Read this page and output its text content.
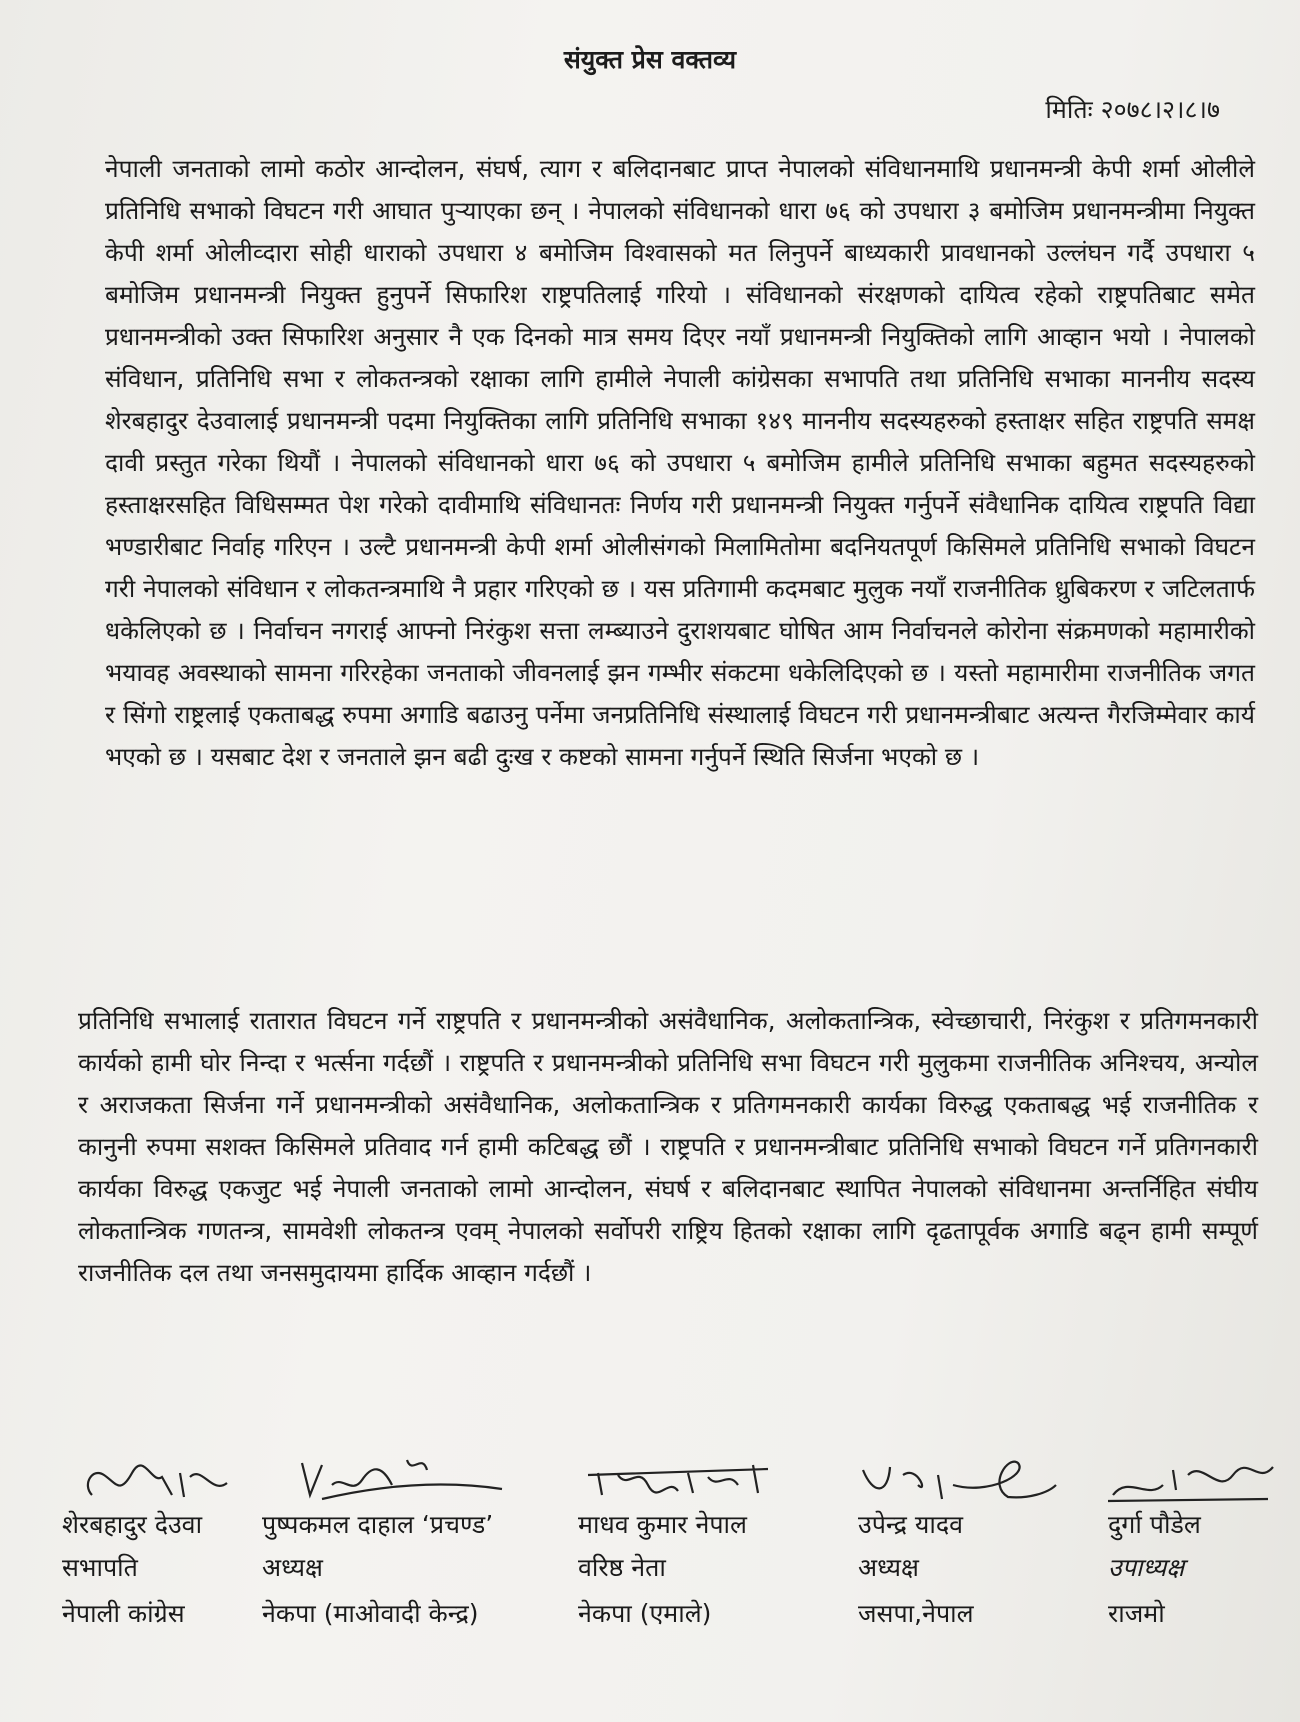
संयुक्त प्रेस वक्तव्य
मितिः २०७८।२।८।७
नेपाली जनताको लामो कठोर आन्दोलन, संघर्ष, त्याग र बलिदानबाट प्राप्त नेपालको संविधानमाथि प्रधानमन्त्री केपी शर्मा ओलीले प्रतिनिधि सभाको विघटन गरी आघात पुर्‍याएका छन् । नेपालको संविधानको धारा ७६ को उपधारा ३ बमोजिम प्रधानमन्त्रीमा नियुक्त केपी शर्मा ओलीव्दारा सोही धाराको उपधारा ४ बमोजिम विश्वासको मत लिनुपर्ने बाध्यकारी प्रावधानको उल्लंघन गर्दै उपधारा ५ बमोजिम प्रधानमन्त्री नियुक्त हुनुपर्ने सिफारिश राष्ट्रपतिलाई गरियो । संविधानको संरक्षणको दायित्व रहेको राष्ट्रपतिबाट समेत प्रधानमन्त्रीको उक्त सिफारिश अनुसार नै एक दिनको मात्र समय दिएर नयाँ प्रधानमन्त्री नियुक्तिको लागि आव्हान भयो । नेपालको संविधान, प्रतिनिधि सभा र लोकतन्त्रको रक्षाका लागि हामीले नेपाली कांग्रेसका सभापति तथा प्रतिनिधि सभाका माननीय सदस्य शेरबहादुर देउवालाई प्रधानमन्त्री पदमा नियुक्तिका लागि प्रतिनिधि सभाका १४९ माननीय सदस्यहरुको हस्ताक्षर सहित राष्ट्रपति समक्ष दावी प्रस्तुत गरेका थियौं । नेपालको संविधानको धारा ७६ को उपधारा ५ बमोजिम हामीले प्रतिनिधि सभाका बहुमत सदस्यहरुको हस्ताक्षरसहित विधिसम्मत पेश गरेको दावीमाथि संविधानतः निर्णय गरी प्रधानमन्त्री नियुक्त गर्नुपर्ने संवैधानिक दायित्व राष्ट्रपति विद्या भण्डारीबाट निर्वाह गरिएन । उल्टै प्रधानमन्त्री केपी शर्मा ओलीसंगको मिलामितोमा बदनियतपूर्ण किसिमले प्रतिनिधि सभाको विघटन गरी नेपालको संविधान र लोकतन्त्रमाथि नै प्रहार गरिएको छ । यस प्रतिगामी कदमबाट मुलुक नयाँ राजनीतिक ध्रुबिकरण र जटिलतार्फ धकेलिएको छ । निर्वाचन नगराई आफ्नो निरंकुश सत्ता लम्ब्याउने दुराशयबाट घोषित आम निर्वाचनले कोरोना संक्रमणको महामारीको भयावह अवस्थाको सामना गरिरहेका जनताको जीवनलाई झन गम्भीर संकटमा धकेलिदिएको छ । यस्तो महामारीमा राजनीतिक जगत र सिंगो राष्ट्रलाई एकताबद्ध रुपमा अगाडि बढाउनु पर्नेमा जनप्रतिनिधि संस्थालाई विघटन गरी प्रधानमन्त्रीबाट अत्यन्त गैरजिम्मेवार कार्य भएको छ । यसबाट देश र जनताले झन बढी दुःख र कष्टको सामना गर्नुपर्ने स्थिति सिर्जना भएको छ ।
प्रतिनिधि सभालाई रातारात विघटन गर्ने राष्ट्रपति र प्रधानमन्त्रीको असंवैधानिक, अलोकतान्त्रिक, स्वेच्छाचारी, निरंकुश र प्रतिगमनकारी कार्यको हामी घोर निन्दा र भर्त्सना गर्दछौं । राष्ट्रपति र प्रधानमन्त्रीको प्रतिनिधि सभा विघटन गरी मुलुकमा राजनीतिक अनिश्चय, अन्योल र अराजकता सिर्जना गर्ने प्रधानमन्त्रीको असंवैधानिक, अलोकतान्त्रिक र प्रतिगमनकारी कार्यका विरुद्ध एकताबद्ध भई राजनीतिक र कानुनी रुपमा सशक्त किसिमले प्रतिवाद गर्न हामी कटिबद्ध छौं । राष्ट्रपति र प्रधानमन्त्रीबाट प्रतिनिधि सभाको विघटन गर्ने प्रतिगनकारी कार्यका विरुद्ध एकजुट भई नेपाली जनताको लामो आन्दोलन, संघर्ष र बलिदानबाट स्थापित नेपालको संविधानमा अन्तर्निहित संघीय लोकतान्त्रिक गणतन्त्र, सामवेशी लोकतन्त्र एवम् नेपालको सर्वोपरी राष्ट्रिय हितको रक्षाका लागि दृढतापूर्वक अगाडि बढ्न हामी सम्पूर्ण राजनीतिक दल तथा जनसमुदायमा हार्दिक आव्हान गर्दछौं ।
शेरबहादुर देउवा
सभापति
नेपाली कांग्रेस
पुष्पकमल दाहाल ‘प्रचण्ड’
अध्यक्ष
नेकपा (माओवादी केन्द्र)
माधव कुमार नेपाल
वरिष्ठ नेता
नेकपा (एमाले)
उपेन्द्र यादव
अध्यक्ष
जसपा,नेपाल
दुर्गा पौडेल
उपाध्यक्ष
राजमो
